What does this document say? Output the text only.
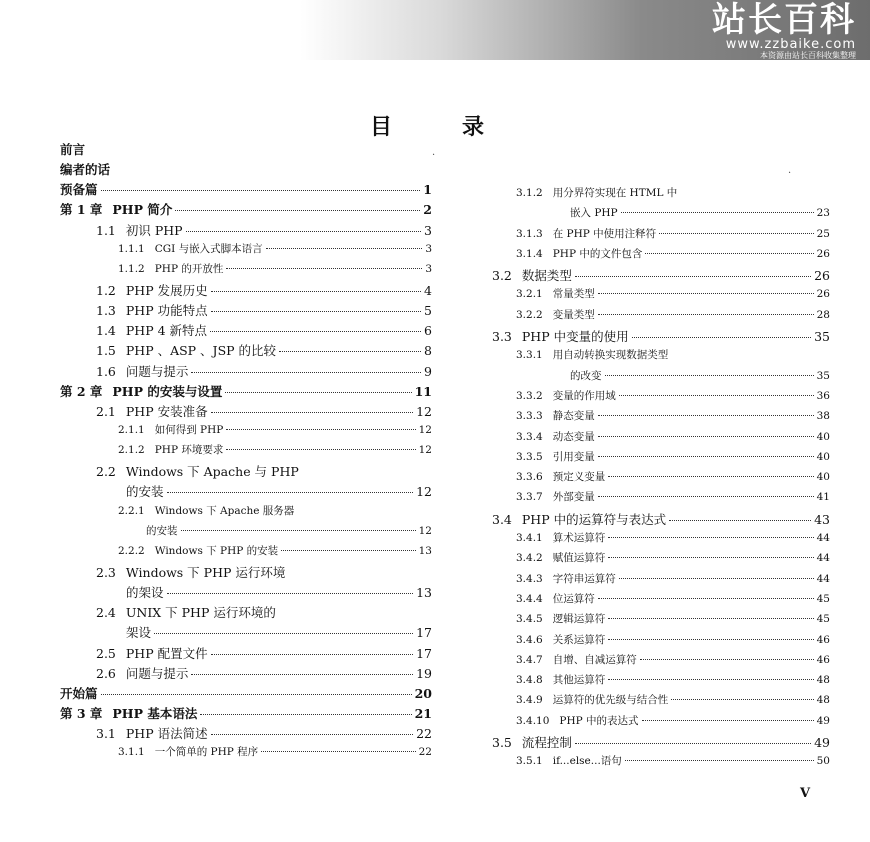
站长百科
www.zzbaike.com
本资源由站长百科收集整理
目录
前言
编者的话
预备篇	1
第 1 章 PHP 简介	2
1.1 初识 PHP	3
1.1.1 CGI 与嵌入式脚本语言	3
1.1.2 PHP 的开放性	3
1.2 PHP 发展历史	4
1.3 PHP 功能特点	5
1.4 PHP 4 新特点	6
1.5 PHP 、ASP 、JSP 的比较	8
1.6 问题与提示	9
第 2 章 PHP 的安装与设置	11
2.1 PHP 安装准备	12
2.1.1 如何得到 PHP	12
2.1.2 PHP 环境要求	12
2.2 Windows 下 Apache 与 PHP
的安装	12
2.2.1 Windows 下 Apache 服务器
的安装	12
2.2.2 Windows 下 PHP 的安装	13
2.3 Windows 下 PHP 运行环境
的架设	13
2.4 UNIX 下 PHP 运行环境的
架设	17
2.5 PHP 配置文件	17
2.6 问题与提示	19
开始篇	20
第 3 章 PHP 基本语法	21
3.1 PHP 语法简述	22
3.1.1 一个简单的 PHP 程序	22
3.1.2 用分界符实现在 HTML 中
嵌入 PHP	23
3.1.3 在 PHP 中使用注释符	25
3.1.4 PHP 中的文件包含	26
3.2 数据类型	26
3.2.1 常量类型	26
3.2.2 变量类型	28
3.3 PHP 中变量的使用	35
3.3.1 用自动转换实现数据类型
的改变	35
3.3.2 变量的作用域	36
3.3.3 静态变量	38
3.3.4 动态变量	40
3.3.5 引用变量	40
3.3.6 预定义变量	40
3.3.7 外部变量	41
3.4 PHP 中的运算符与表达式	43
3.4.1 算术运算符	44
3.4.2 赋值运算符	44
3.4.3 字符串运算符	44
3.4.4 位运算符	45
3.4.5 逻辑运算符	45
3.4.6 关系运算符	46
3.4.7 自增、自减运算符	46
3.4.8 其他运算符	48
3.4.9 运算符的优先级与结合性	48
3.4.10 PHP 中的表达式	49
3.5 流程控制	49
3.5.1 if...else...语句	50
·
·
V
